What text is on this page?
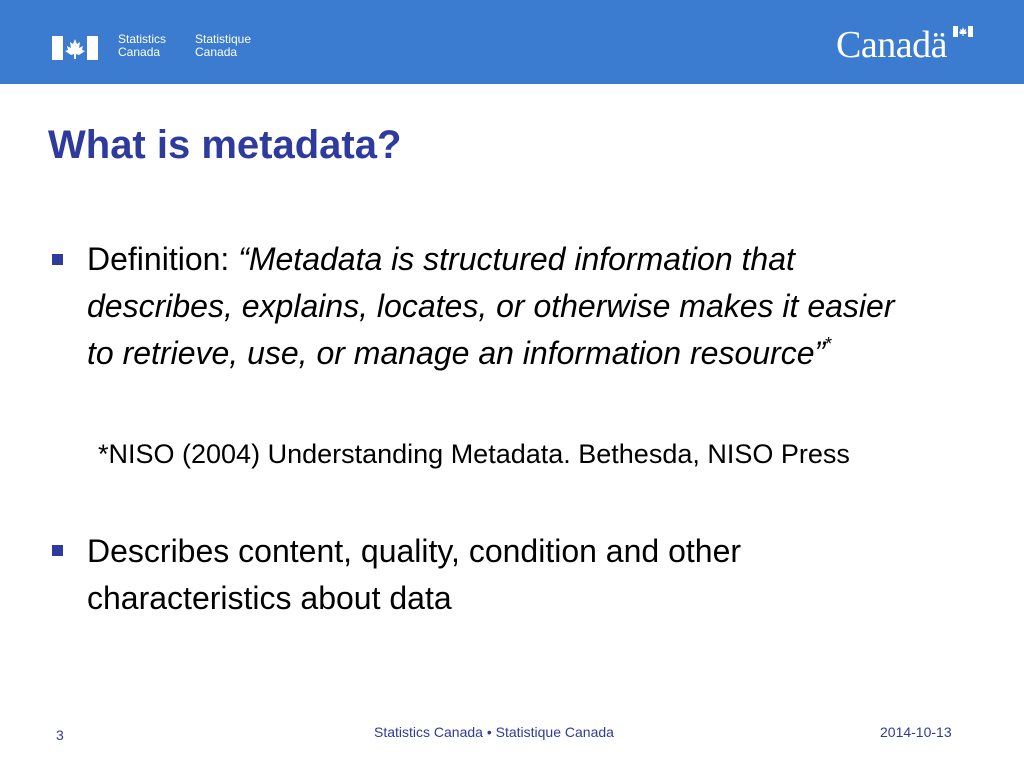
Statistics
Canada
Statistique
Canada	Canadä
What is metadata?

Definition: “Metadata is structured information that describes, explains, locates, or otherwise makes it easier to retrieve, use, or manage an information resource”*

*NISO (2004) Understanding Metadata. Bethesda, NISO Press

Describes content, quality, condition and other characteristics about data

3	Statistics Canada • Statistique Canada	2014-10-13
